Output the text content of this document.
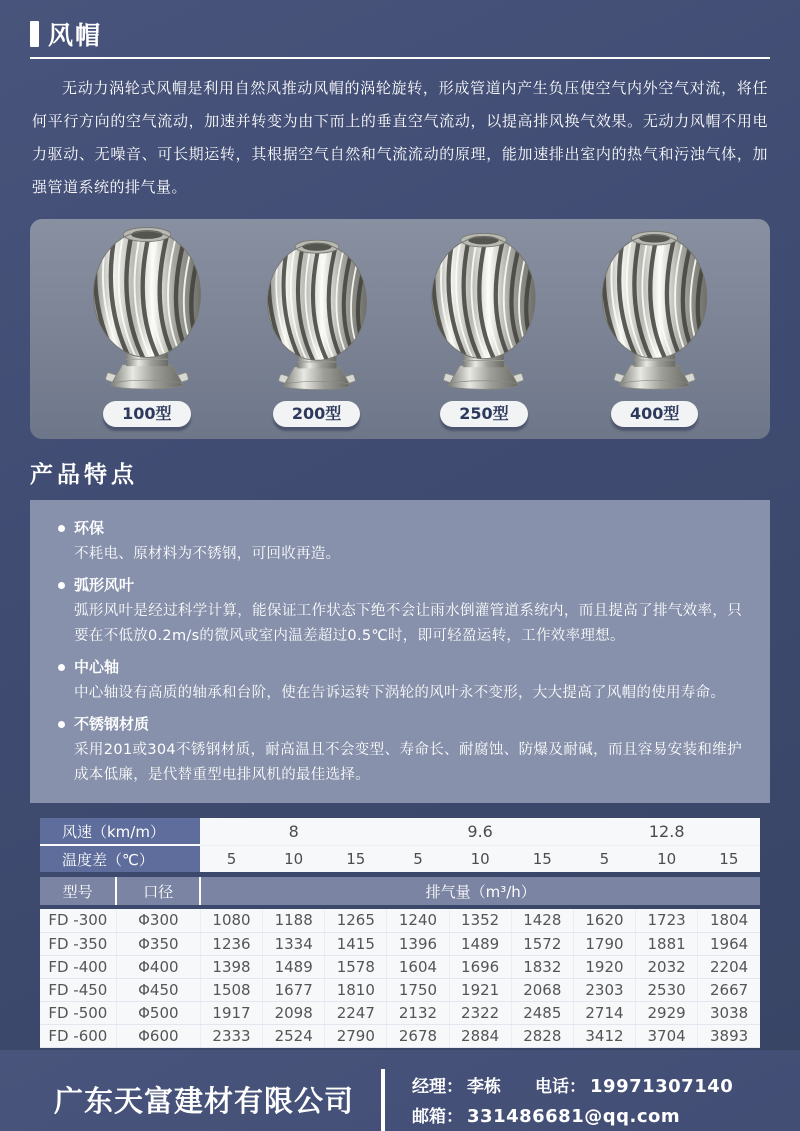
风帽

无动力涡轮式风帽是利用自然风推动风帽的涡轮旋转，形成管道内产生负压使空气内外空气对流，将任何平行方向的空气流动，加速并转变为由下而上的垂直空气流动，以提高排风换气效果。无动力风帽不用电力驱动、无噪音、可长期运转，其根据空气自然和气流流动的原理，能加速排出室内的热气和污浊气体，加强管道系统的排气量。

100型	200型	250型	400型
产品特点
环保
不耗电、原材料为不锈钢，可回收再造。
弧形风叶
弧形风叶是经过科学计算，能保证工作状态下绝不会让雨水倒灌管道系统内，而且提高了排气效率，只要在不低放0.2m/s的微风或室内温差超过0.5℃时，即可轻盈运转，工作效率理想。
中心轴
中心轴设有高质的轴承和台阶，使在告诉运转下涡轮的风叶永不变形，大大提高了风帽的使用寿命。
不锈钢材质
采用201或304不锈钢材质，耐高温且不会变型、寿命长、耐腐蚀、防爆及耐碱，而且容易安装和维护成本低廉，是代替重型电排风机的最佳选择。
风速（km/m）		8			9.6			12.8		
温度差（℃）		5	10	15	5	10	15	5	10	15

型号	口径	排气量（m³/h）								

FD -300	Φ300	1080	1188	1265	1240	1352	1428	1620	1723	1804
FD -350	Φ350	1236	1334	1415	1396	1489	1572	1790	1881	1964
FD -400	Φ400	1398	1489	1578	1604	1696	1832	1920	2032	2204
FD -450	Φ450	1508	1677	1810	1750	1921	2068	2303	2530	2667
FD -500	Φ500	1917	2098	2247	2132	2322	2485	2714	2929	3038
FD -600	Φ600	2333	2524	2790	2678	2884	2828	3412	3704	3893
广东天富建材有限公司	经理： 李栋 电话： 19971307140
邮箱： 331486681@qq.com
